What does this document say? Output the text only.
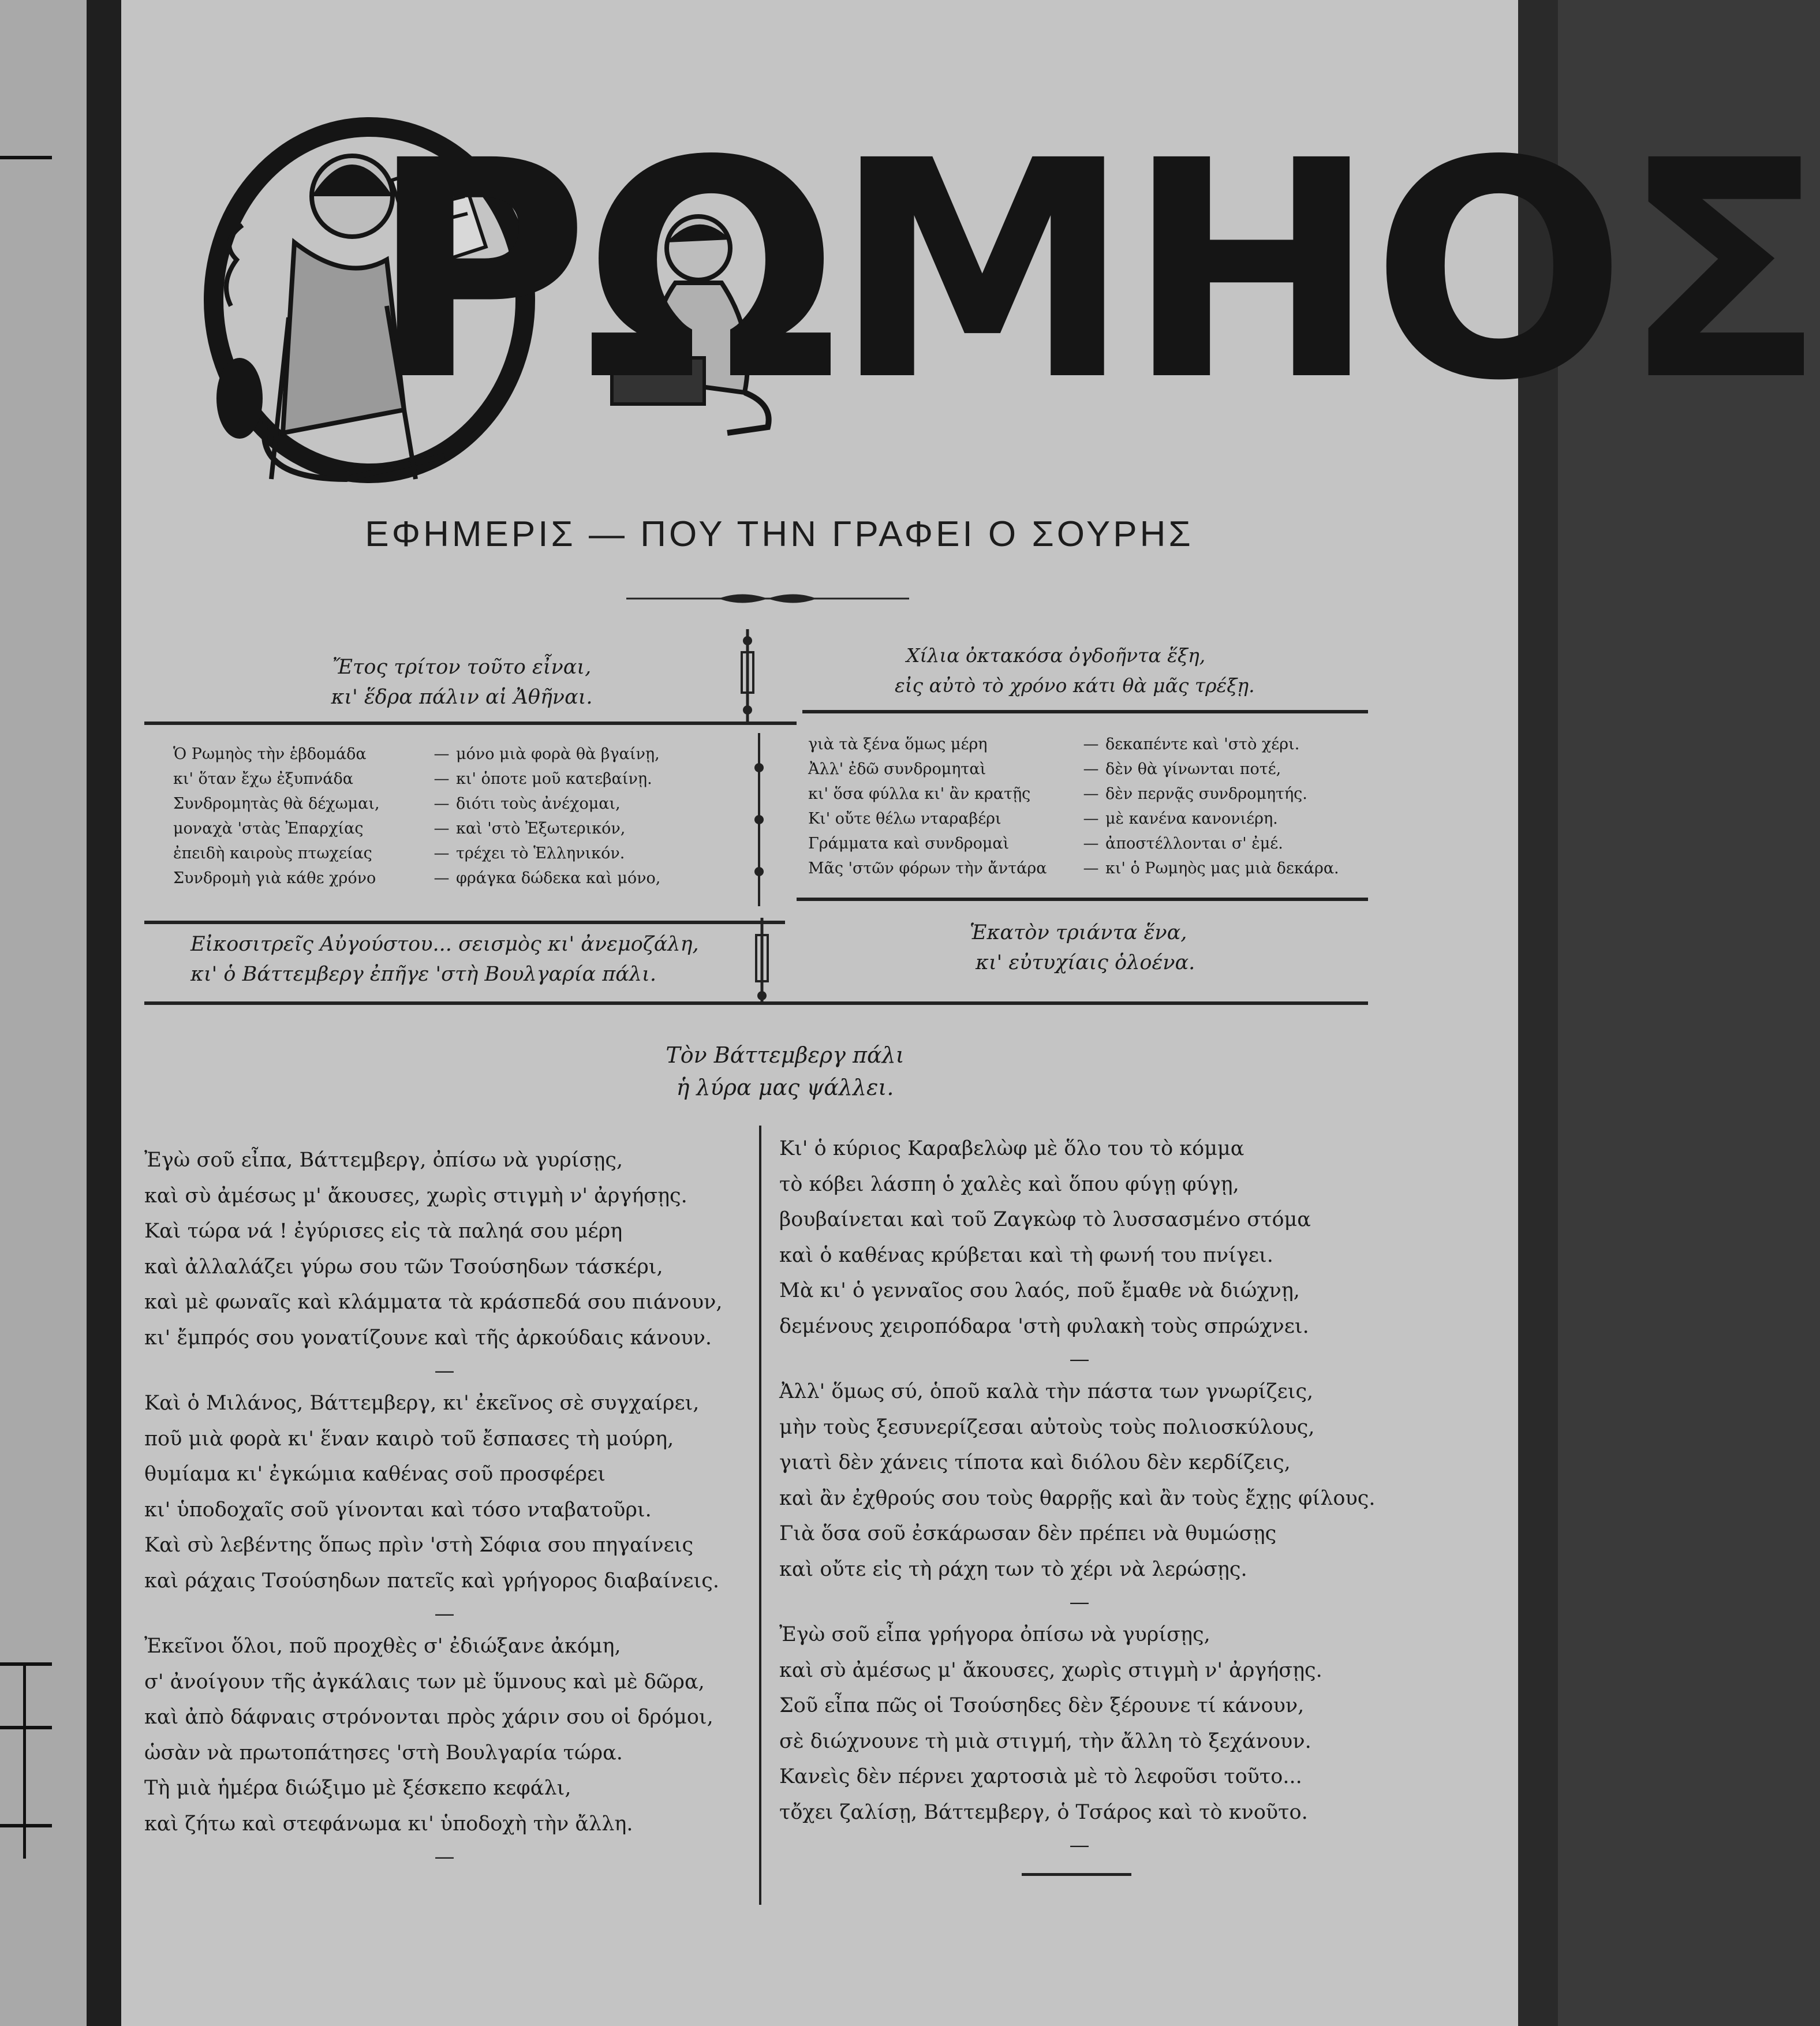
ΡΩΜΗΟΣ
ΕΦΗΜΕΡΙΣ — ΠΟΥ ΤΗΝ ΓΡΑΦΕΙ Ο ΣΟΥΡΗΣ
Ἔτος τρίτον τοῦτο εἶναι,
κι' ἕδρα πάλιν αἱ Ἀθῆναι.
Χίλια ὀκτακόσα ὀγδοῆντα ἕξη,
εἰς αὐτὸ τὸ χρόνο κάτι θὰ μᾶς τρέξῃ.
Ὁ Ρωμηὸς τὴν ἑβδομάδα	— μόνο μιὰ φορὰ θὰ βγαίνῃ,
κι' ὅταν ἔχω ἐξυπνάδα	— κι' ὁποτε μοῦ κατεβαίνῃ.
Συνδρομητὰς θὰ δέχωμαι,	— διότι τοὺς ἀνέχομαι,
μοναχὰ 'στὰς Ἐπαρχίας	— καὶ 'στὸ Ἐξωτερικόν,
ἐπειδὴ καιροὺς πτωχείας	— τρέχει τὸ Ἑλληνικόν.
Συνδρομὴ γιὰ κάθε χρόνο	— φράγκα δώδεκα καὶ μόνο,
γιὰ τὰ ξένα ὅμως μέρη	— δεκαπέντε καὶ 'στὸ χέρι.
Ἀλλ' ἐδῶ συνδρομηταὶ	— δὲν θὰ γίνωνται ποτέ,
κι' ὅσα φύλλα κι' ἂν κρατῇς	— δὲν περνᾷς συνδρομητής.
Κι' οὔτε θέλω νταραβέρι	— μὲ κανένα κανονιέρη.
Γράμματα καὶ συνδρομαὶ	— ἀποστέλλονται σ' ἐμέ.
Μᾶς 'στῶν φόρων τὴν ἄντάρα	— κι' ὁ Ρωμηὸς μας μιὰ δεκάρα.
Εἰκοσιτρεῖς Αὐγούστου... σεισμὸς κι' ἀνεμοζάλη,
κι' ὁ Βάττεμβεργ ἐπῆγε 'στὴ Βουλγαρία πάλι.
Ἑκατὸν τριάντα ἕνα,
κι' εὐτυχίαις ὁλοένα.
Τὸν Βάττεμβεργ πάλι
ἡ λύρα μας ψάλλει.

Ἐγὼ σοῦ εἶπα, Βάττεμβεργ, ὀπίσω νὰ γυρίσῃς,

καὶ σὺ ἀμέσως μ' ἄκουσες, χωρὶς στιγμὴ ν' ἀργήσῃς.

Καὶ τώρα νά ! ἐγύρισες εἰς τὰ παληά σου μέρη

καὶ ἀλλαλάζει γύρω σου τῶν Τσούσηδων τάσκέρι,

καὶ μὲ φωναῖς καὶ κλάμματα τὰ κράσπεδά σου πιάνουν,

κι' ἔμπρός σου γονατίζουνε καὶ τῆς ἀρκούδαις κάνουν.

—

Καὶ ὁ Μιλάνος, Βάττεμβεργ, κι' ἐκεῖνος σὲ συγχαίρει,

ποῦ μιὰ φορὰ κι' ἕναν καιρὸ τοῦ ἔσπασες τὴ μούρη,

θυμίαμα κι' ἐγκώμια καθένας σοῦ προσφέρει

κι' ὑποδοχαῖς σοῦ γίνονται καὶ τόσο νταβατοῦρι.

Καὶ σὺ λεβέντης ὅπως πρὶν 'στὴ Σόφια σου πηγαίνεις

καὶ ράχαις Τσούσηδων πατεῖς καὶ γρήγορος διαβαίνεις.

—

Ἐκεῖνοι ὅλοι, ποῦ προχθὲς σ' ἐδιώξανε ἀκόμη,

σ' ἀνοίγουν τῆς ἀγκάλαις των μὲ ὕμνους καὶ μὲ δῶρα,

καὶ ἀπὸ δάφναις στρόνονται πρὸς χάριν σου οἱ δρόμοι,

ὡσὰν νὰ πρωτοπάτησες 'στὴ Βουλγαρία τώρα.

Τὴ μιὰ ἡμέρα διώξιμο μὲ ξέσκεπο κεφάλι,

καὶ ζήτω καὶ στεφάνωμα κι' ὑποδοχὴ τὴν ἄλλη.

—

Κι' ὁ κύριος Καραβελὼφ μὲ ὅλο του τὸ κόμμα

τὸ κόβει λάσπη ὁ χαλὲς καὶ ὅπου φύγῃ φύγῃ,

βουβαίνεται καὶ τοῦ Ζαγκὼφ τὸ λυσσασμένο στόμα

καὶ ὁ καθένας κρύβεται καὶ τὴ φωνή του πνίγει.

Μὰ κι' ὁ γενναῖος σου λαός, ποῦ ἔμαθε νὰ διώχνῃ,

δεμένους χειροπόδαρα 'στὴ φυλακὴ τοὺς σπρώχνει.

—

Ἀλλ' ὅμως σύ, ὁποῦ καλὰ τὴν πάστα των γνωρίζεις,

μὴν τοὺς ξεσυνερίζεσαι αὐτοὺς τοὺς πολιοσκύλους,

γιατὶ δὲν χάνεις τίποτα καὶ διόλου δὲν κερδίζεις,

καὶ ἂν ἐχθρούς σου τοὺς θαρρῇς καὶ ἂν τοὺς ἔχῃς φίλους.

Γιὰ ὅσα σοῦ ἐσκάρωσαν δὲν πρέπει νὰ θυμώσῃς

καὶ οὔτε εἰς τὴ ράχη των τὸ χέρι νὰ λερώσῃς.

—

Ἐγὼ σοῦ εἶπα γρήγορα ὀπίσω νὰ γυρίσῃς,

καὶ σὺ ἀμέσως μ' ἄκουσες, χωρὶς στιγμὴ ν' ἀργήσῃς.

Σοῦ εἶπα πῶς οἱ Τσούσηδες δὲν ξέρουνε τί κάνουν,

σὲ διώχνουνε τὴ μιὰ στιγμή, τὴν ἄλλη τὸ ξεχάνουν.

Κανεὶς δὲν πέρνει χαρτοσιὰ μὲ τὸ λεφοῦσι τοῦτο...

τὄχει ζαλίσῃ, Βάττεμβεργ, ὁ Τσάρος καὶ τὸ κνοῦτο.

—
